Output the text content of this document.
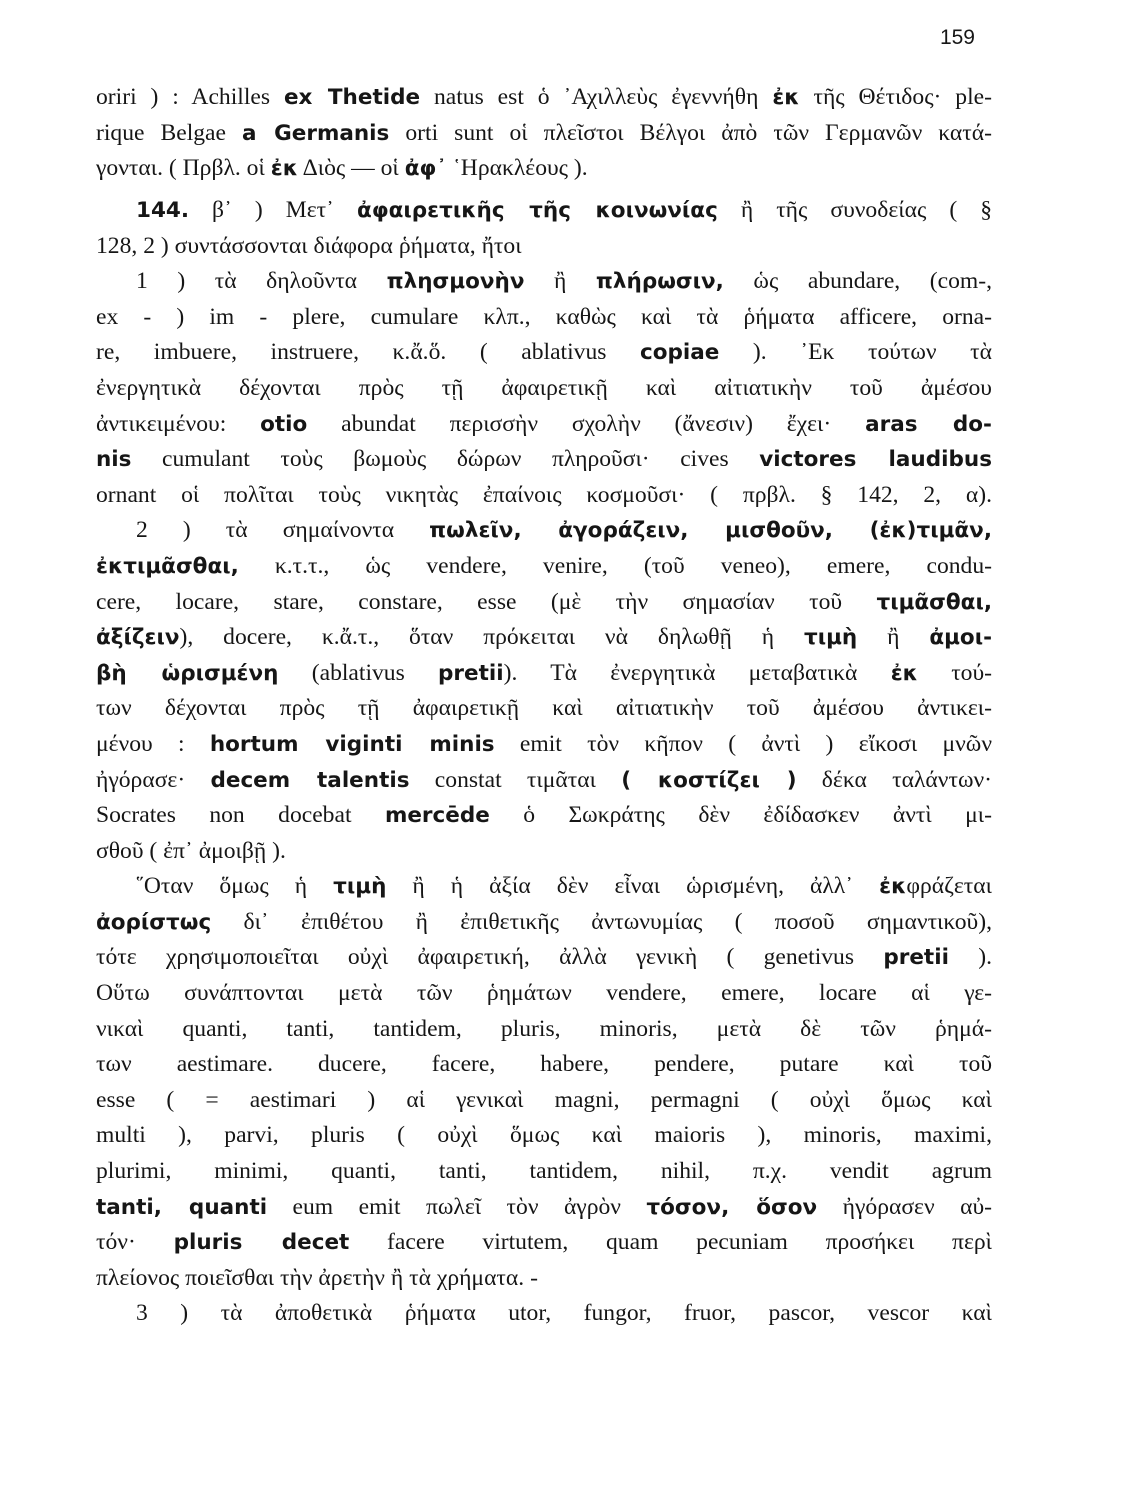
159
oriri ) : Achilles ex Thetide natus est ὁ ᾽Αχιλλεὺς ἐγεννήθη ἐκ τῆς Θέτιδος· ple-
rique Belgae a Germanis orti sunt οἱ πλεῖστοι Βέλγοι ἀπὸ τῶν Γερμανῶν κατά-
γονται. ( Πρβλ. οἱ ἐκ Διὸς — οἱ ἀφ᾽ ῾Ηρακλέους ).
144. β᾽ ) Μετ᾽ ἀφαιρετικῆς τῆς κοινωνίας ἢ τῆς συνοδείας ( §
128, 2 ) συντάσσονται διάφορα ῥήματα, ἤτοι
1 ) τὰ δηλοῦντα πλησμονὴν ἢ πλήρωσιν, ὡς abundare, (com-,
ex - ) im - plere, cumulare κλπ., καθὼς καὶ τὰ ῥήματα afficere, orna-
re, imbuere, instruere, κ.ἄ.ὅ. ( ablativus copiae ). ᾽Εκ τούτων τὰ
ἐνεργητικὰ δέχονται πρὸς τῇ ἀφαιρετικῇ καὶ αἰτιατικὴν τοῦ ἀμέσου
ἀντικειμένου: otio abundat περισσὴν σχολὴν (ἄνεσιν) ἔχει· aras do-
nis cumulant τοὺς βωμοὺς δώρων πληροῦσι· cives victores laudibus
ornant οἱ πολῖται τοὺς νικητὰς ἐπαίνοις κοσμοῦσι· ( πρβλ. § 142, 2, α).
2 ) τὰ σημαίνοντα πωλεῖν, ἀγοράζειν, μισθοῦν, (ἐκ)τιμᾶν,
ἐκτιμᾶσθαι, κ.τ.τ., ὡς vendere, venire, (τοῦ veneo), emere, condu-
cere, locare, stare, constare, esse (μὲ τὴν σημασίαν τοῦ τιμᾶσθαι,
ἀξίζειν), docere, κ.ἄ.τ., ὅταν πρόκειται νὰ δηλωθῇ ἡ τιμὴ ἢ ἀμοι-
βὴ ὡρισμένη (ablativus pretii). Τὰ ἐνεργητικὰ μεταβατικὰ ἐκ τού-
των δέχονται πρὸς τῇ ἀφαιρετικῇ καὶ αἰτιατικὴν τοῦ ἀμέσου ἀντικει-
μένου : hortum viginti minis emit τὸν κῆπον ( ἀντὶ ) εἴκοσι μνῶν
ἠγόρασε· decem talentis constat τιμᾶται ( κοστίζει ) δέκα ταλάντων·
Socrates non docebat mercēde ὁ Σωκράτης δὲν ἐδίδασκεν ἀντὶ μι-
σθοῦ ( ἐπ᾽ ἀμοιβῇ ).
῞Οταν ὅμως ἡ τιμὴ ἢ ἡ ἀξία δὲν εἶναι ὡρισμένη, ἀλλ᾽ ἐκφράζεται
ἀορίστως δι᾽ ἐπιθέτου ἢ ἐπιθετικῆς ἀντωνυμίας ( ποσοῦ σημαντικοῦ),
τότε χρησιμοποιεῖται οὐχὶ ἀφαιρετική, ἀλλὰ γενικὴ ( genetivus pretii ).
Οὕτω συνάπτονται μετὰ τῶν ῥημάτων vendere, emere, locare αἱ γε-
νικαὶ quanti, tanti, tantidem, pluris, minoris, μετὰ δὲ τῶν ῥημά-
των aestimare. ducere, facere, habere, pendere, putare καὶ τοῦ
esse ( = aestimari ) αἱ γενικαὶ magni, permagni ( οὐχὶ ὅμως καὶ
multi ), parvi, pluris ( οὐχὶ ὅμως καὶ maioris ), minoris, maximi,
plurimi, minimi, quanti, tanti, tantidem, nihil, π.χ. vendit agrum
tanti, quanti eum emit πωλεῖ τὸν ἀγρὸν τόσον, ὅσον ἠγόρασεν αὐ-
τόν· pluris decet facere virtutem, quam pecuniam προσήκει περὶ
πλείονος ποιεῖσθαι τὴν ἀρετὴν ἢ τὰ χρήματα. -
3 ) τὰ ἀποθετικὰ ῥήματα utor, fungor, fruor, pascor, vescor καὶ
